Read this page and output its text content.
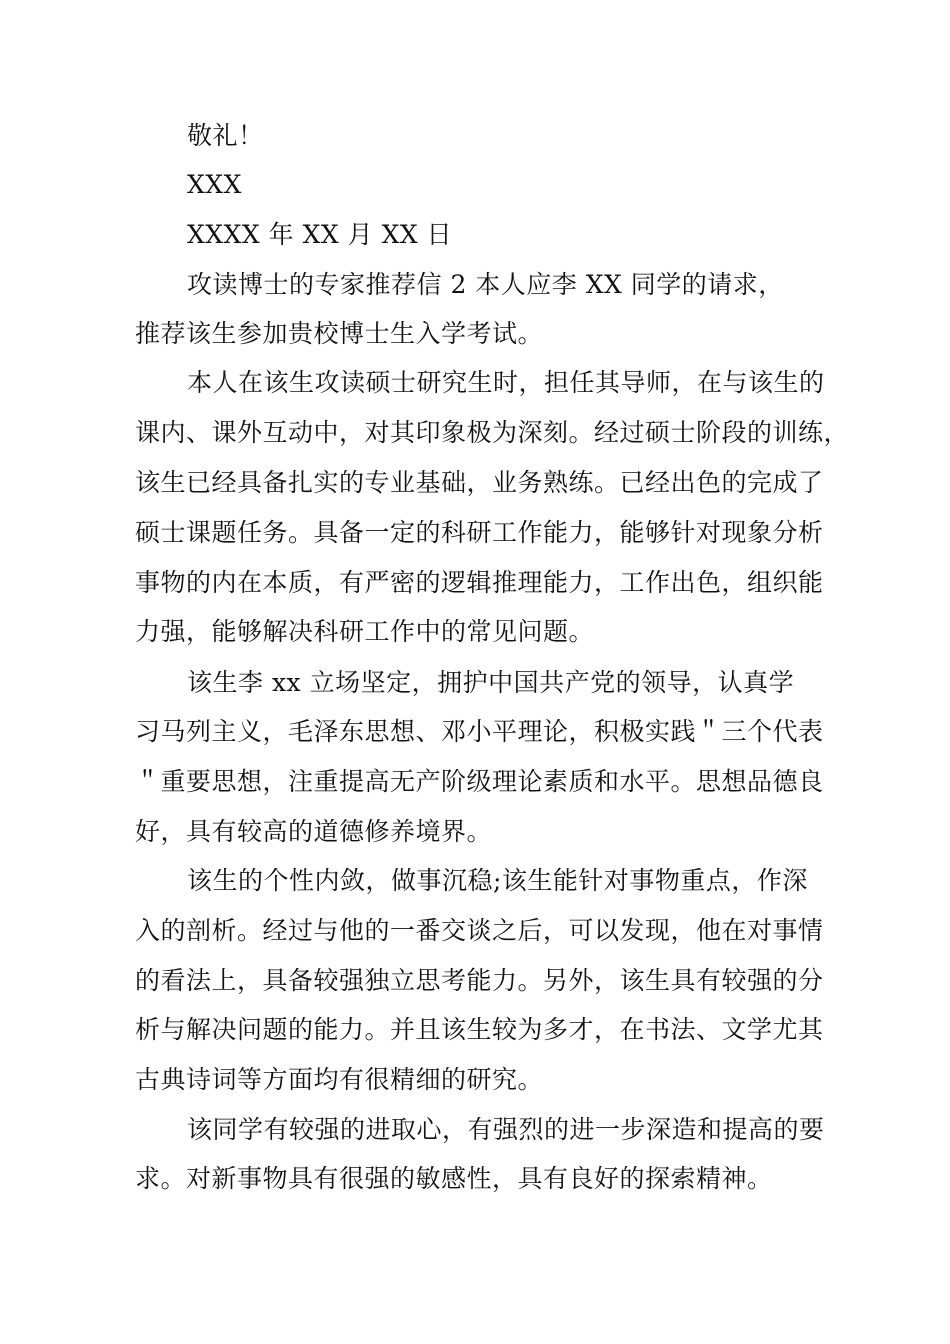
敬礼！
XXX
XXXX 年 XX 月 XX 日
攻读博士的专家推荐信 2 本人应李 XX 同学的请求，
推荐该生参加贵校博士生入学考试。
本人在该生攻读硕士研究生时，担任其导师，在与该生的
课内、课外互动中，对其印象极为深刻。经过硕士阶段的训练，
该生已经具备扎实的专业基础，业务熟练。已经出色的完成了
硕士课题任务。具备一定的科研工作能力，能够针对现象分析
事物的内在本质，有严密的逻辑推理能力，工作出色，组织能
力强，能够解决科研工作中的常见问题。
该生李 xx 立场坚定，拥护中国共产党的领导，认真学
习马列主义，毛泽东思想、邓小平理论，积极实践＂三个代表
＂重要思想，注重提高无产阶级理论素质和水平。思想品德良
好，具有较高的道德修养境界。
该生的个性内敛，做事沉稳;该生能针对事物重点，作深
入的剖析。经过与他的一番交谈之后，可以发现，他在对事情
的看法上，具备较强独立思考能力。另外，该生具有较强的分
析与解决问题的能力。并且该生较为多才，在书法、文学尤其
古典诗词等方面均有很精细的研究。
该同学有较强的进取心，有强烈的进一步深造和提高的要
求。对新事物具有很强的敏感性，具有良好的探索精神。
